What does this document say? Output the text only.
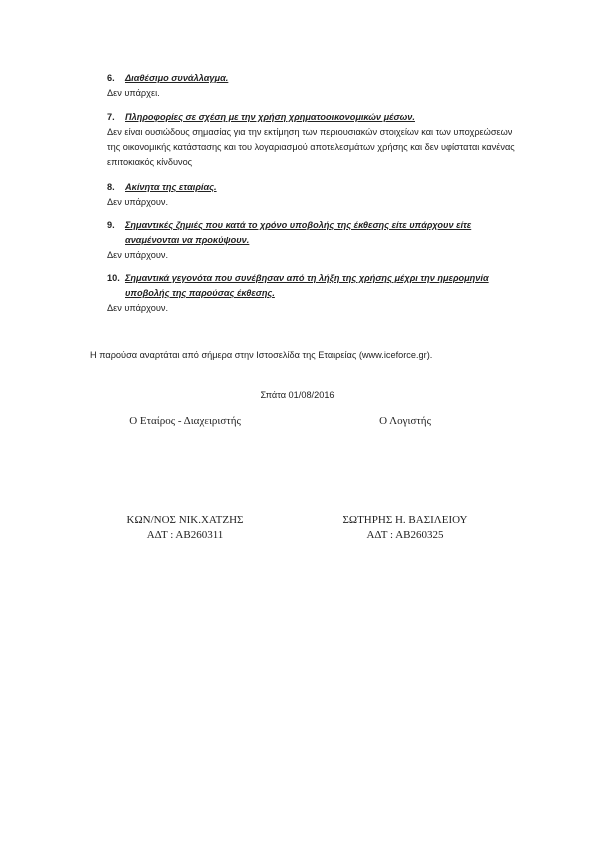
6.	Διαθέσιμο συνάλλαγμα.
Δεν υπάρχει.
7.	Πληροφορίες σε σχέση με την χρήση χρηματοοικονομικών μέσων.
Δεν είναι ουσιώδους σημασίας για την εκτίμηση των περιουσιακών στοιχείων και των υποχρεώσεων της οικονομικής κατάστασης και του λογαριασμού αποτελεσμάτων χρήσης και δεν υφίσταται κανένας επιτοκιακός κίνδυνος
8.	Ακίνητα της εταιρίας.
Δεν υπάρχουν.
9.	Σημαντικές ζημιές που κατά το χρόνο υποβολής της έκθεσης είτε υπάρχουν είτε αναμένονται να προκύψουν.
Δεν υπάρχουν.
10. Σημαντικά γεγονότα που συνέβησαν από τη λήξη της χρήσης μέχρι την ημερομηνία υποβολής της παρούσας έκθεσης.
Δεν υπάρχουν.
Η παρούσα αναρτάται από σήμερα στην Ιστοσελίδα της Εταιρείας (www.iceforce.gr).
Σπάτα 01/08/2016
Ο Εταίρος - Διαχειριστής	Ο Λογιστής
ΚΩΝ/ΝΟΣ ΝΙΚ.ΧΑΤΖΗΣ
ΑΔΤ : ΑΒ260311
ΣΩΤΗΡΗΣ Η. ΒΑΣΙΛΕΙΟΥ
ΑΔΤ : ΑΒ260325
